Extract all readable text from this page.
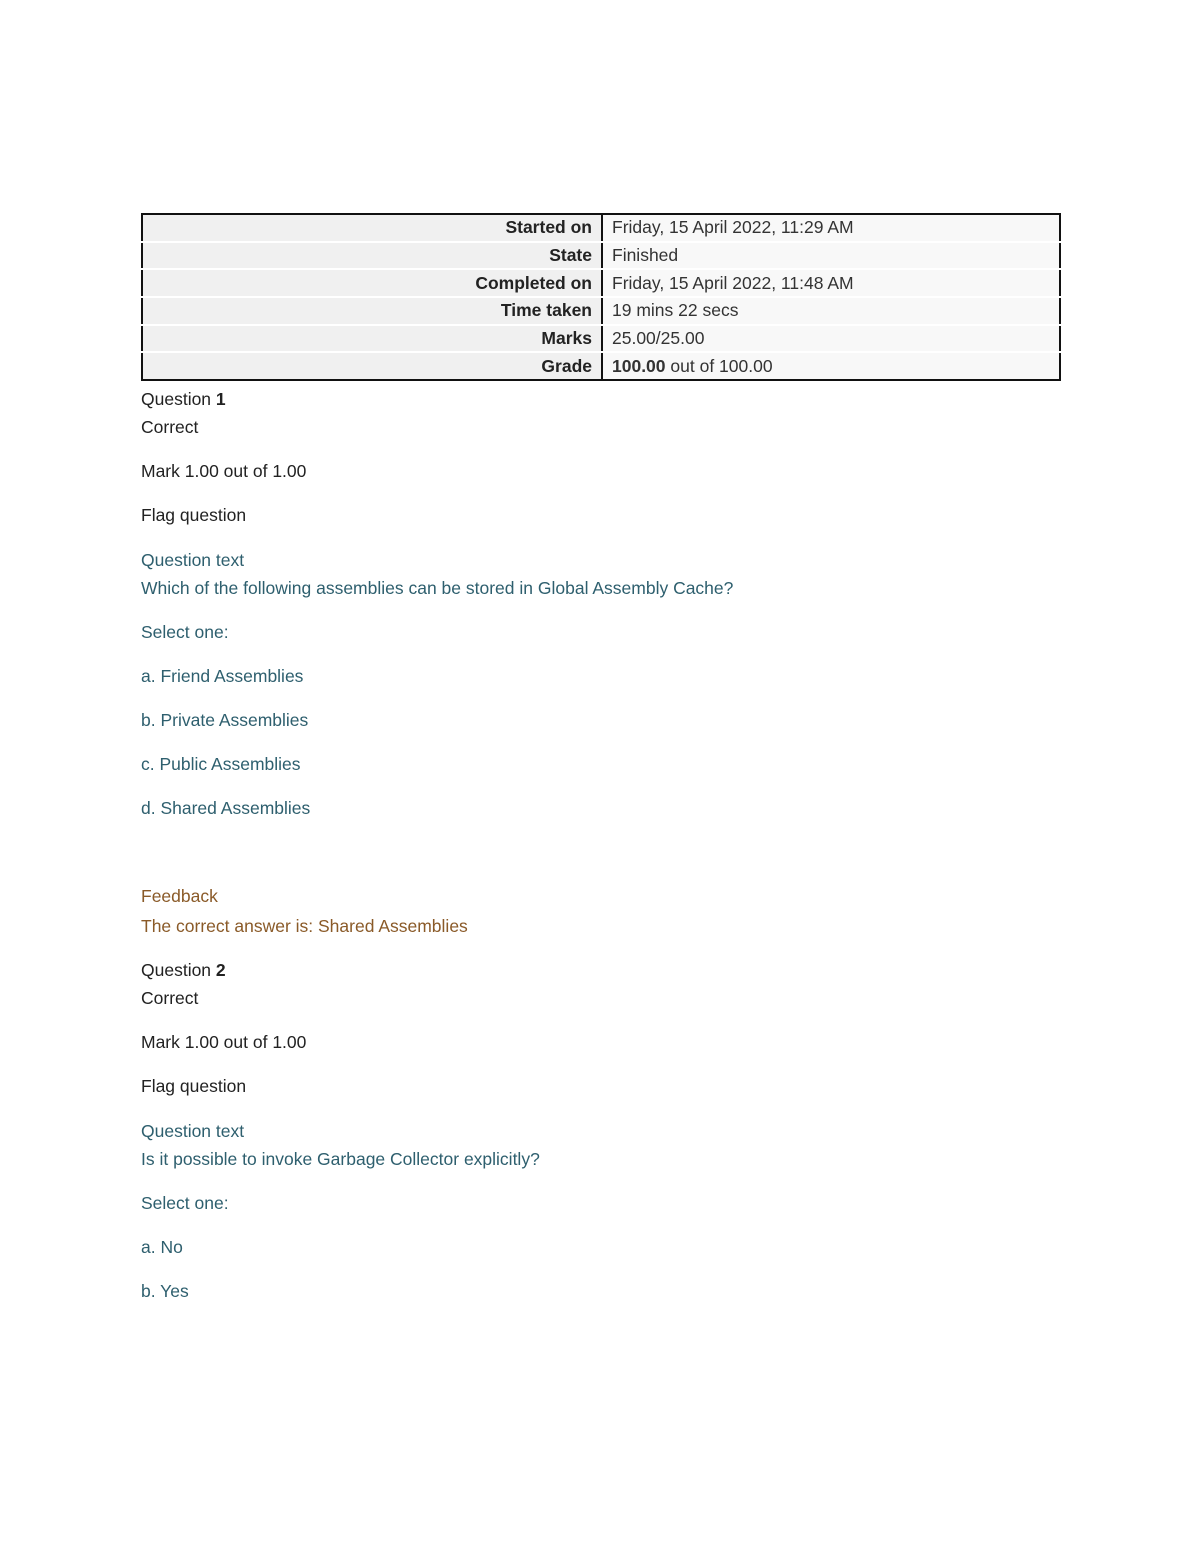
Started on	Friday, 15 April 2022, 11:29 AM
State	Finished
Completed on	Friday, 15 April 2022, 11:48 AM
Time taken	19 mins 22 secs
Marks	25.00/25.00
Grade	100.00 out of 100.00
Question 1
Correct
Mark 1.00 out of 1.00
Flag question
Question text
Which of the following assemblies can be stored in Global Assembly Cache?
Select one:
a. Friend Assemblies
b. Private Assemblies
c. Public Assemblies
d. Shared Assemblies
Feedback
The correct answer is: Shared Assemblies
Question 2
Correct
Mark 1.00 out of 1.00
Flag question
Question text
Is it possible to invoke Garbage Collector explicitly?
Select one:
a. No
b. Yes
